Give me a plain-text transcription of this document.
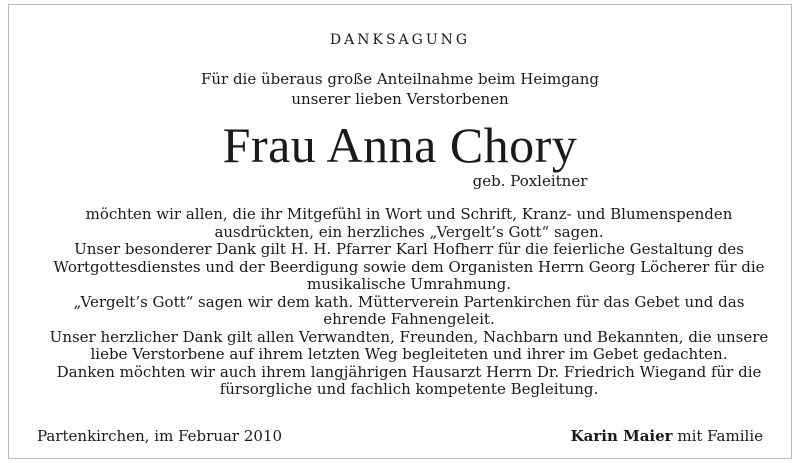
DANKSAGUNG
Für die überaus große Anteilnahme beim Heimgang
unserer lieben Verstorbenen
Frau Anna Chory
geb. Poxleitner
möchten wir allen, die ihr Mitgefühl in Wort und Schrift, Kranz- und Blumenspenden
ausdrückten, ein herzliches „Vergelt’s Gott“ sagen.
Unser besonderer Dank gilt H. H. Pfarrer Karl Hofherr für die feierliche Gestaltung des
Wortgottesdienstes und der Beerdigung sowie dem Organisten Herrn Georg Löcherer für die
musikalische Umrahmung.
„Vergelt’s Gott“ sagen wir dem kath. Mütterverein Partenkirchen für das Gebet und das
ehrende Fahnengeleit.
Unser herzlicher Dank gilt allen Verwandten, Freunden, Nachbarn und Bekannten, die unsere
liebe Verstorbene auf ihrem letzten Weg begleiteten und ihrer im Gebet gedachten.
Danken möchten wir auch ihrem langjährigen Hausarzt Herrn Dr. Friedrich Wiegand für die
fürsorgliche und fachlich kompetente Begleitung.
Partenkirchen, im Februar 2010	Karin Maier mit Familie
